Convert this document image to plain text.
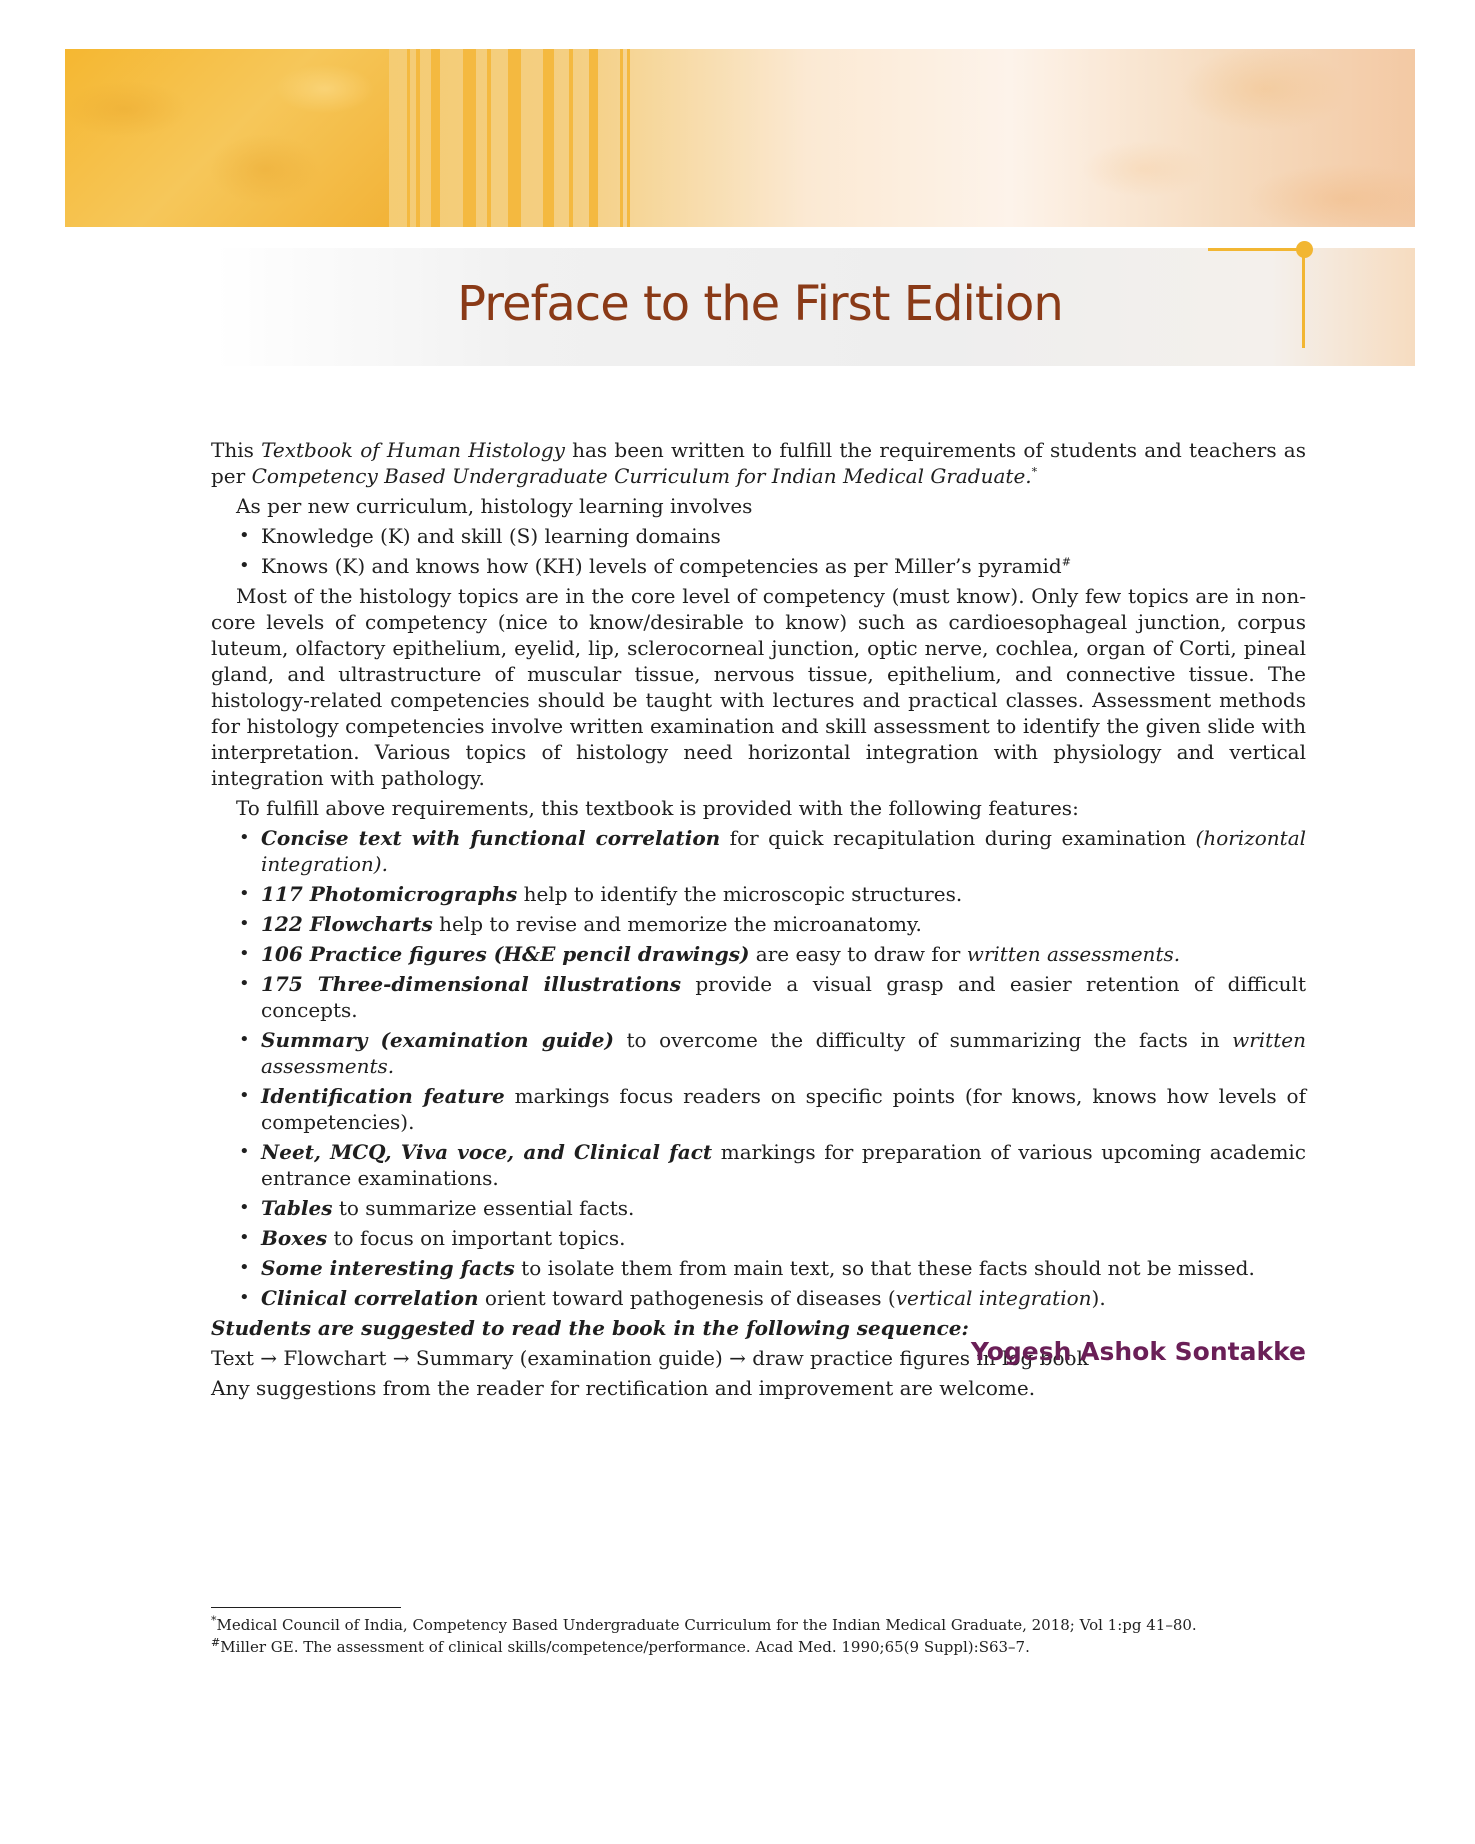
Preface to the First Edition

This Textbook of Human Histology has been written to fulfill the requirements of students and teachers as per Competency Based Undergraduate Curriculum for Indian Medical Graduate.*

As per new curriculum, histology learning involves

• Knowledge (K) and skill (S) learning domains
• Knows (K) and knows how (KH) levels of competencies as per Miller’s pyramid#

Most of the histology topics are in the core level of competency (must know). Only few topics are in non-core levels of competency (nice to know/desirable to know) such as cardioesophageal junction, corpus luteum, olfactory epithelium, eyelid, lip, sclerocorneal junction, optic nerve, cochlea, organ of Corti, pineal gland, and ultrastructure of muscular tissue, nervous tissue, epithelium, and connective tissue. The histology-related competencies should be taught with lectures and practical classes. Assessment methods for histology competencies involve written examination and skill assessment to identify the given slide with interpretation. Various topics of histology need horizontal integration with physiology and vertical integration with pathology.

To fulfill above requirements, this textbook is provided with the following features:

• Concise text with functional correlation for quick recapitulation during examination (horizontal integration).
• 117 Photomicrographs help to identify the microscopic structures.
• 122 Flowcharts help to revise and memorize the microanatomy.
• 106 Practice figures (H&E pencil drawings) are easy to draw for written assessments.
• 175 Three-dimensional illustrations provide a visual grasp and easier retention of difficult concepts.
• Summary (examination guide) to overcome the difficulty of summarizing the facts in written assessments.
• Identification feature markings focus readers on specific points (for knows, knows how levels of competencies).
• Neet, MCQ, Viva voce, and Clinical fact markings for preparation of various upcoming academic entrance examinations.
• Tables to summarize essential facts.
• Boxes to focus on important topics.
• Some interesting facts to isolate them from main text, so that these facts should not be missed.
• Clinical correlation orient toward pathogenesis of diseases (vertical integration).

Students are suggested to read the book in the following sequence:

Text → Flowchart → Summary (examination guide) → draw practice figures in log book

Any suggestions from the reader for rectification and improvement are welcome.

Yogesh Ashok Sontakke
*Medical Council of India, Competency Based Undergraduate Curriculum for the Indian Medical Graduate, 2018; Vol 1:pg 41–80.
#Miller GE. The assessment of clinical skills/competence/performance. Acad Med. 1990;65(9 Suppl):S63–7.
